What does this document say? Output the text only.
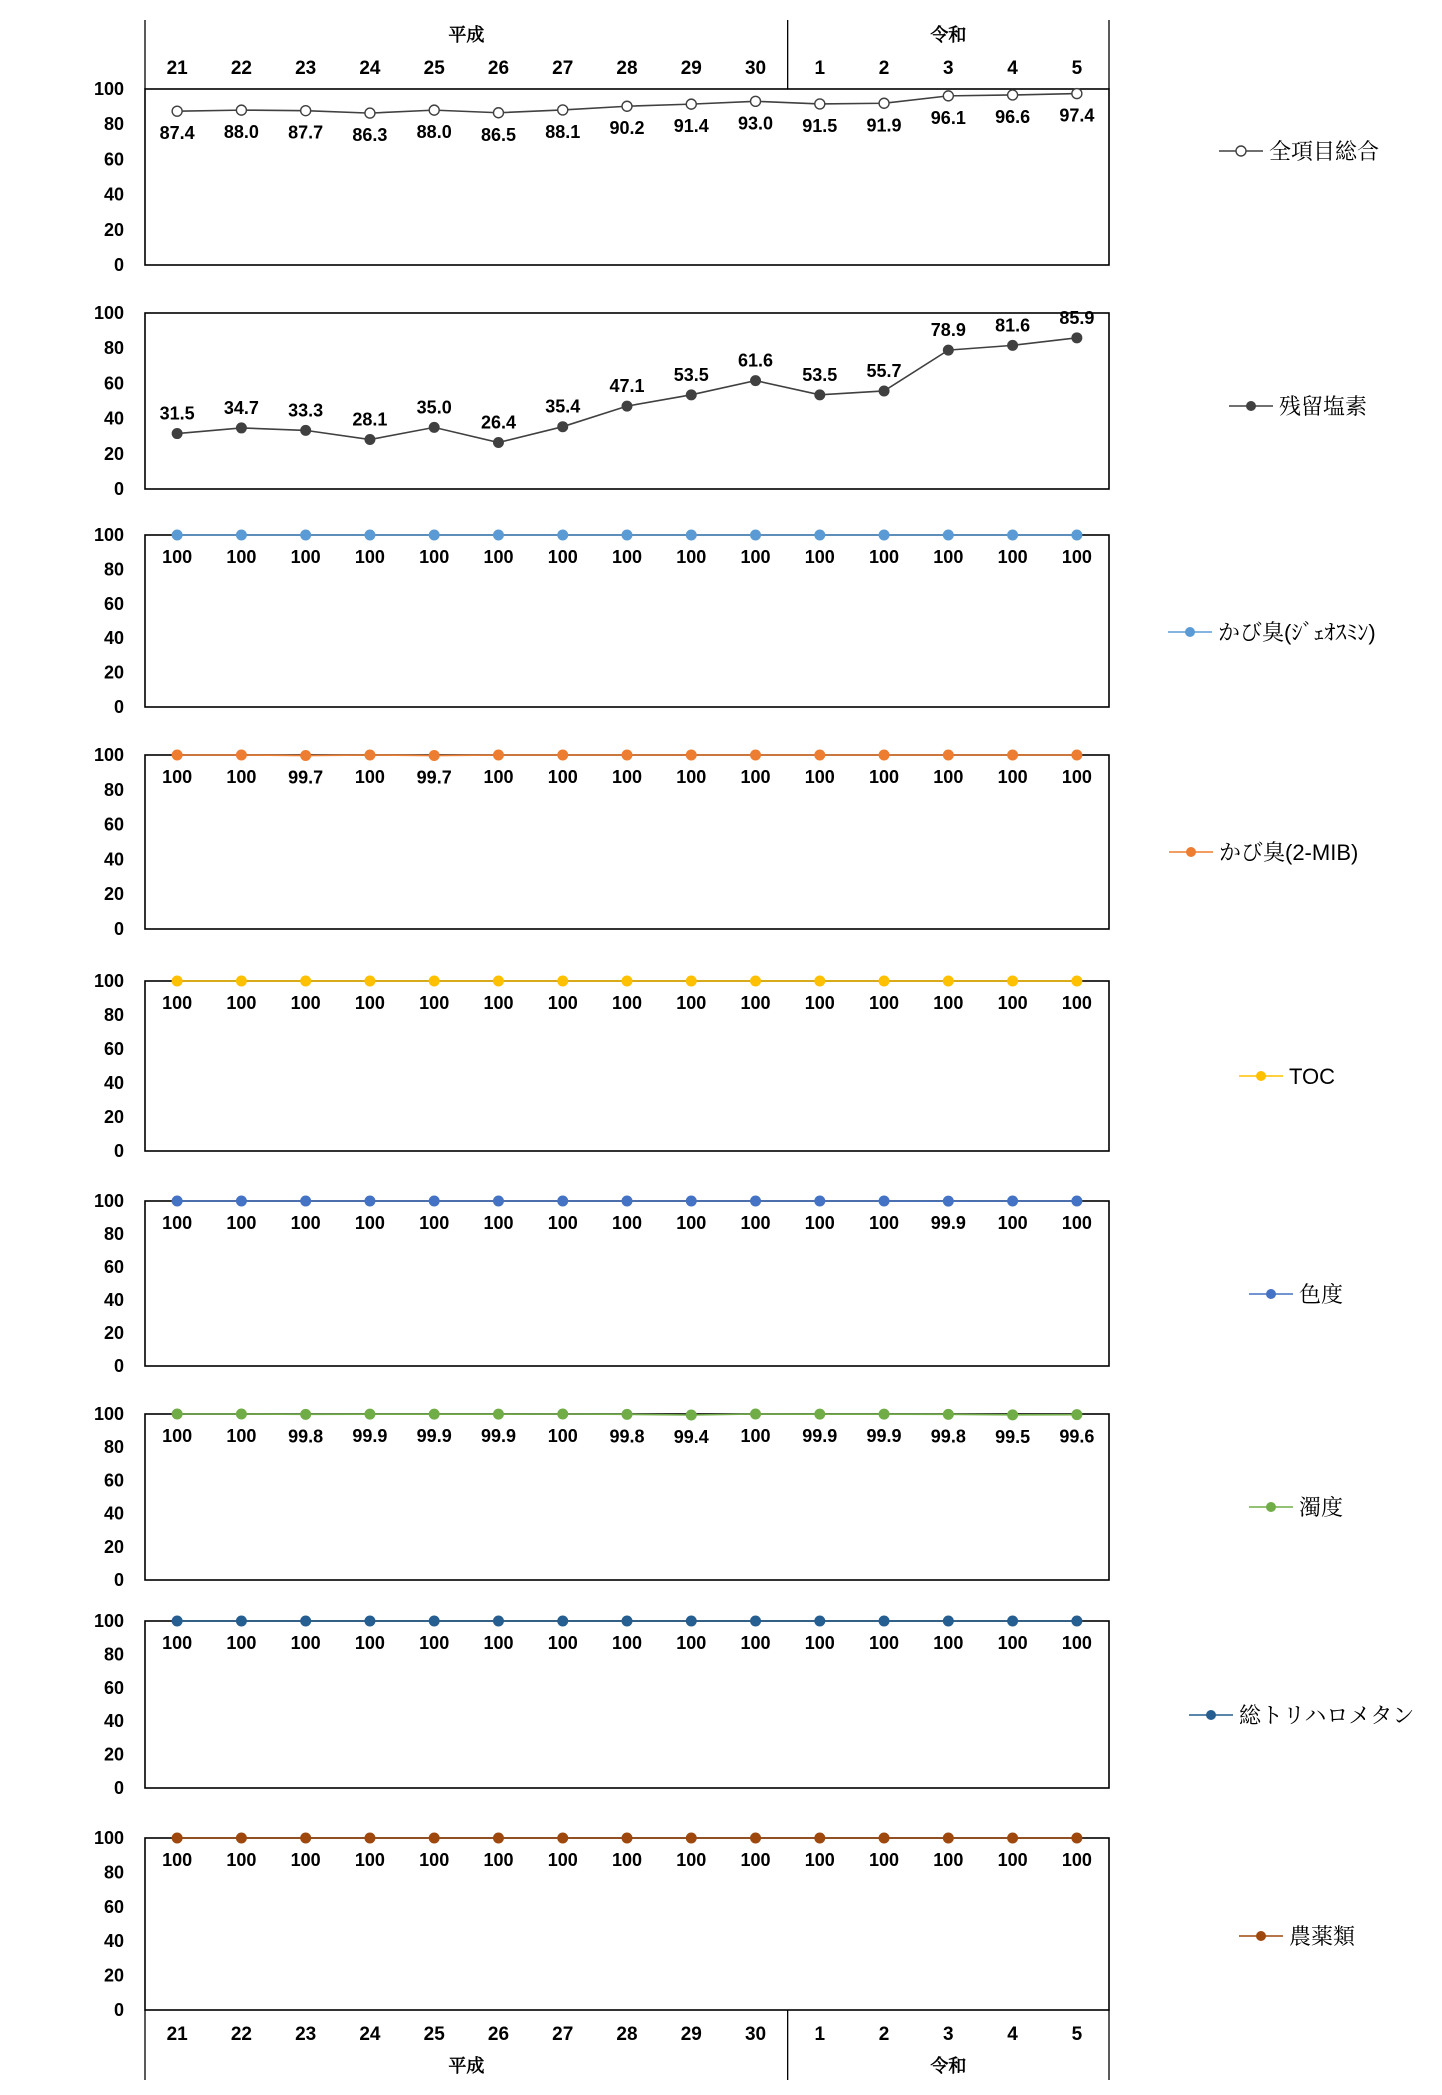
平成	令和
21 22 23 24 25 26 27 28 29 30	1	2	3	4	5
100
80
60
40
20
0
87.4 88.0 87.7 86.3 88.0 86.5 88.1 90.2 91.4 93.0 91.5 91.9 96.1 96.6 97.4
全項目総合
100
80
60
40
20
0
31.5 34.7 33.3 28.1
35.0
26.4
35.4
47.1
53.5
61.6
53.5 55.7
78.9 81.6 85.9
残留塩素
100
80
60
40
20
0
100 100 100 100 100 100 100 100 100 100 100 100 100 100 100
かび臭(ｼﾞｪｵｽﾐﾝ)
100
80
60
40
20
0
100 100 99.7 100 99.7 100 100 100 100 100 100 100 100 100 100
かび臭(2-MIB)
100
80
60
40
20
0
100 100 100 100 100 100 100 100 100 100 100 100 100 100 100
TOC
100
80
60
40
20
0
100 100 100 100 100 100 100 100 100 100 100 100 99.9 100 100
色度
100
80
60
40
20
0
100 100 99.8 99.9 99.9 99.9 100 99.8 99.4 100 99.9 99.9 99.8 99.5 99.6
濁度
100
80
60
40
20
0
100 100 100 100 100 100 100 100 100 100 100 100 100 100 100
総トリハロメタン
100
80
60
40
20
0
100 100 100 100 100 100 100 100 100 100 100 100 100 100 100
農薬類
21 22 23 24 25 26 27 28 29 30	1	2	3	4	5
平成	令和
